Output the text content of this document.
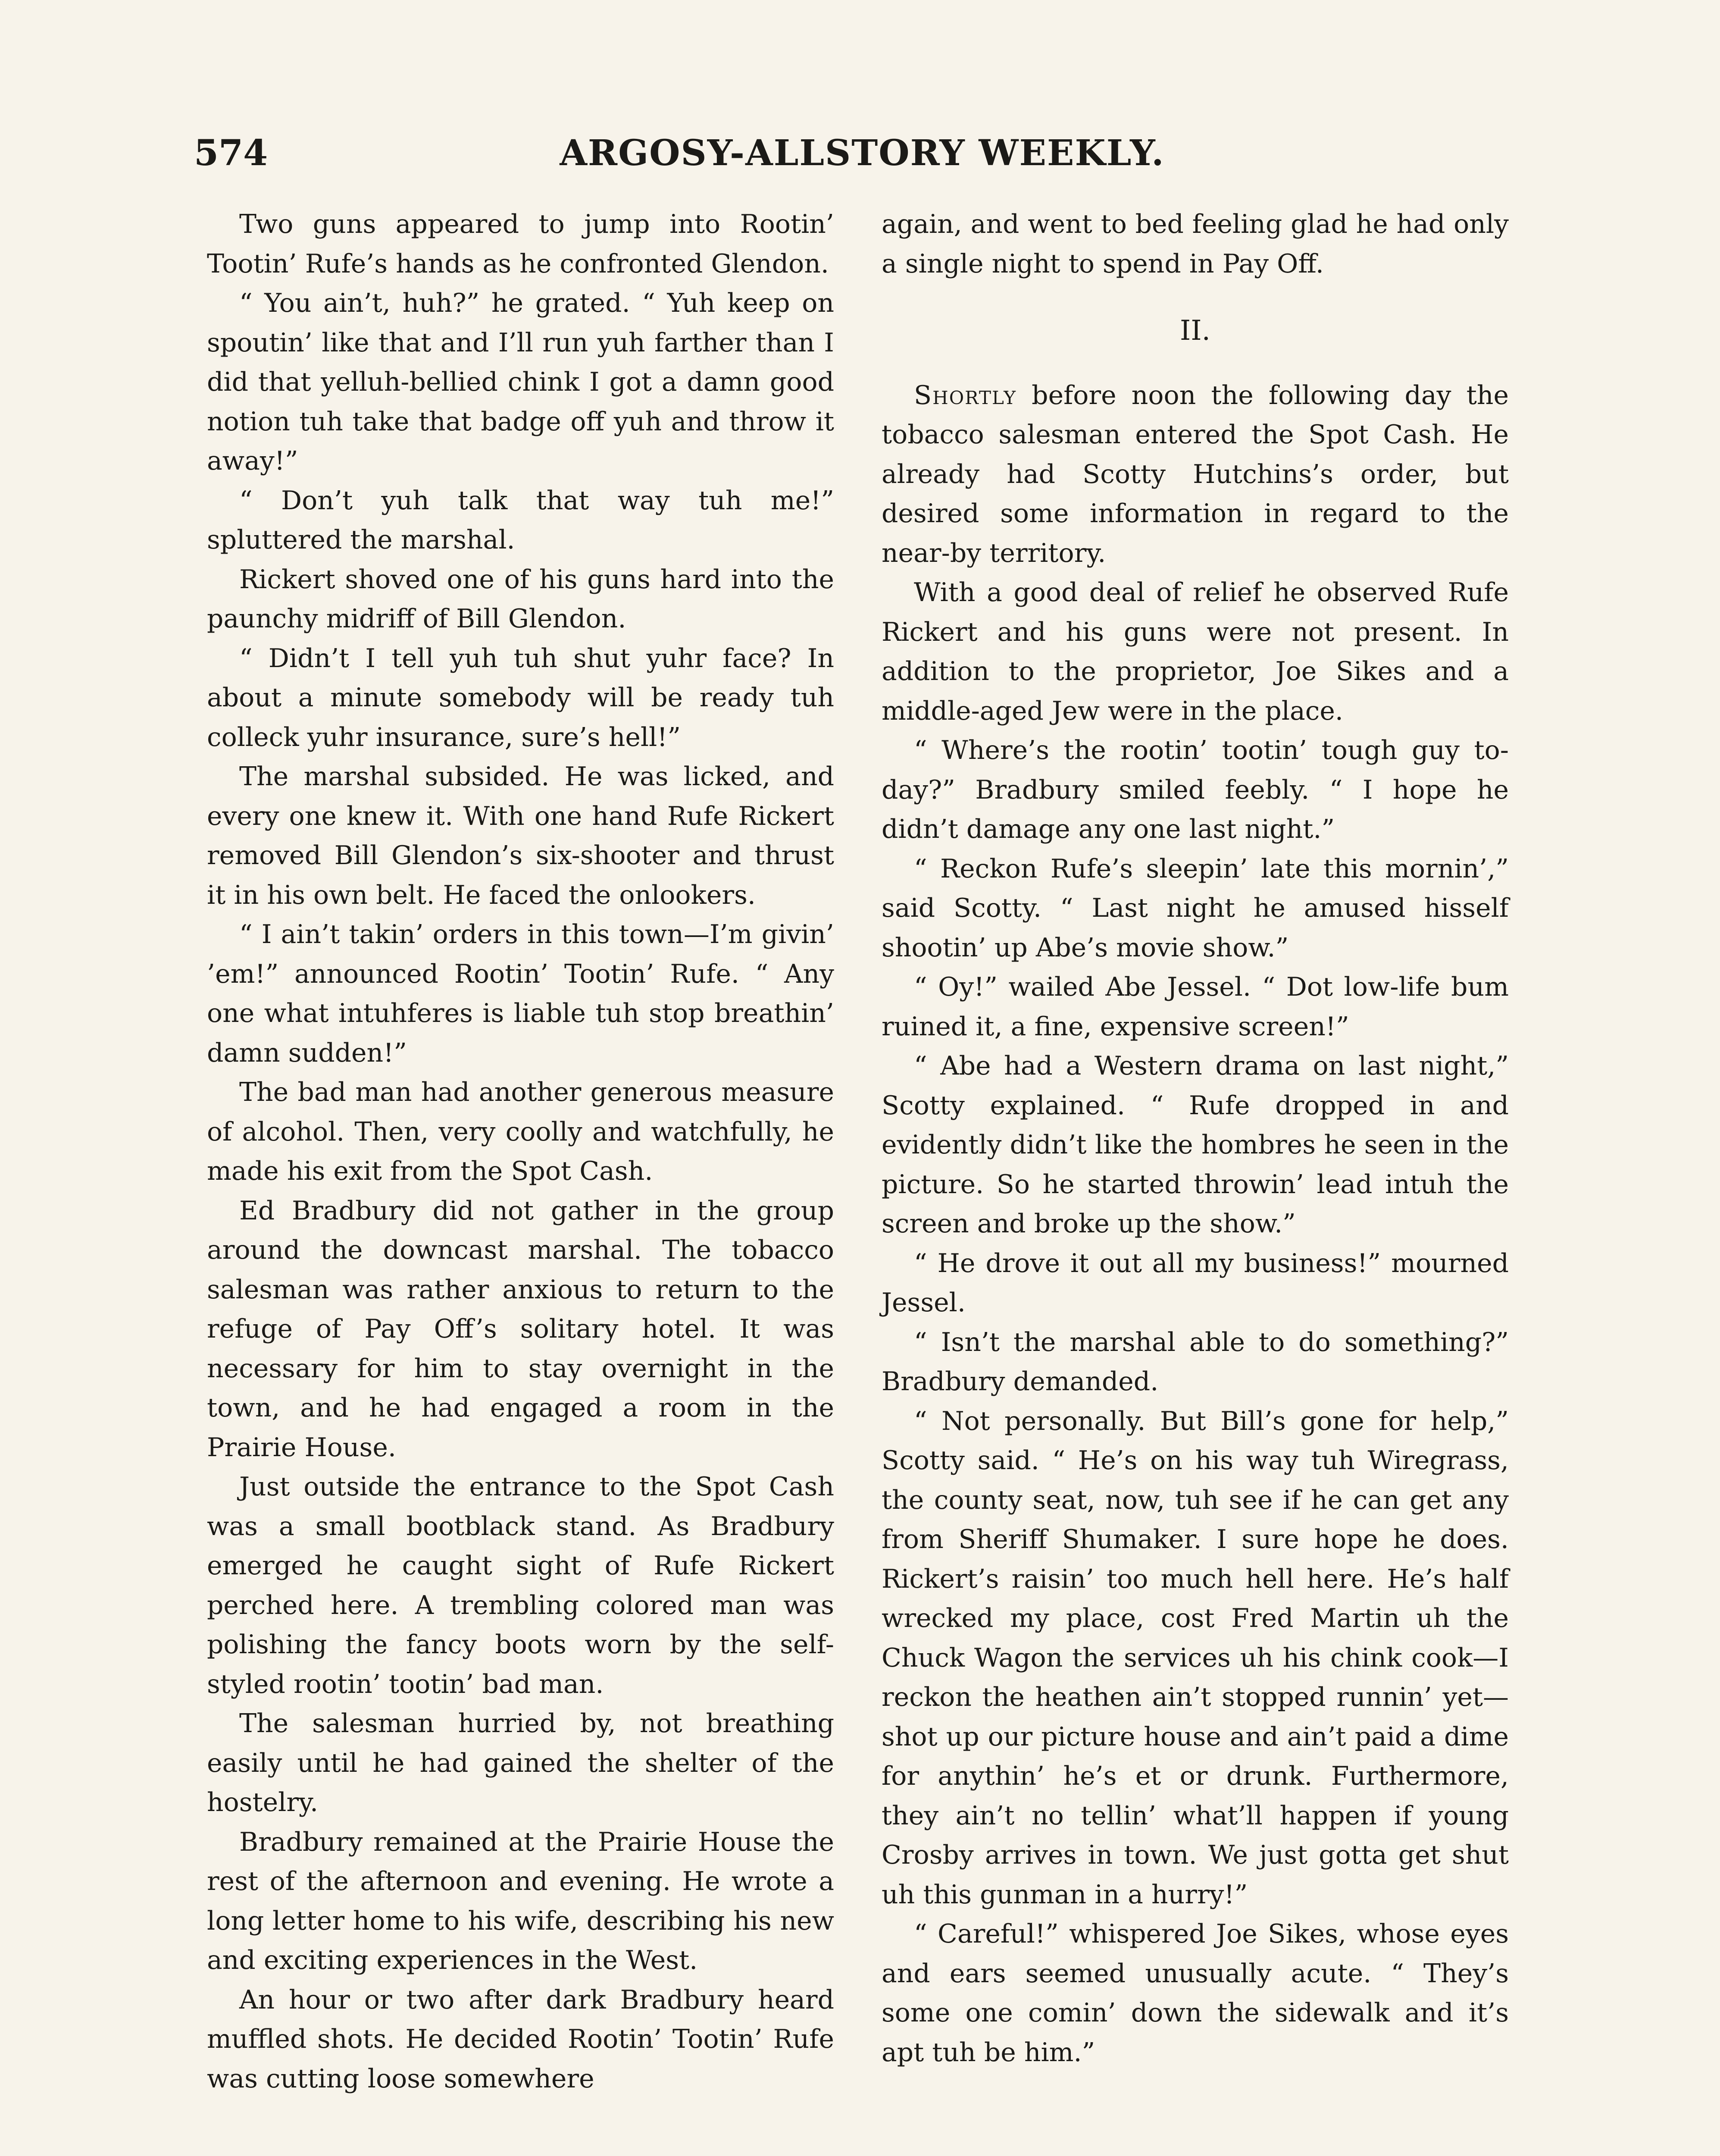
574	ARGOSY-ALLSTORY WEEKLY.

Two guns appeared to jump into Rootin’ Tootin’ Rufe’s hands as he confronted Glendon.

“ You ain’t, huh?” he grated. “ Yuh keep on spoutin’ like that and I’ll run yuh farther than I did that yelluh-bellied chink I got a damn good notion tuh take that badge off yuh and throw it away!”

“ Don’t yuh talk that way tuh me!” spluttered the marshal.

Rickert shoved one of his guns hard into the paunchy midriff of Bill Glendon.

“ Didn’t I tell yuh tuh shut yuhr face? In about a minute somebody will be ready tuh colleck yuhr insurance, sure’s hell!”

The marshal subsided. He was licked, and every one knew it. With one hand Rufe Rickert removed Bill Glendon’s six-shooter and thrust it in his own belt. He faced the onlookers.

“ I ain’t takin’ orders in this town—I’m givin’ ’em!” announced Rootin’ Tootin’ Rufe. “ Any one what intuhferes is liable tuh stop breathin’ damn sudden!”

The bad man had another generous measure of alcohol. Then, very coolly and watchfully, he made his exit from the Spot Cash.

Ed Bradbury did not gather in the group around the downcast marshal. The tobacco salesman was rather anxious to return to the refuge of Pay Off’s solitary hotel. It was necessary for him to stay overnight in the town, and he had engaged a room in the Prairie House.

Just outside the entrance to the Spot Cash was a small bootblack stand. As Bradbury emerged he caught sight of Rufe Rickert perched here. A trembling colored man was polishing the fancy boots worn by the self-styled rootin’ tootin’ bad man.

The salesman hurried by, not breathing easily until he had gained the shelter of the hostelry.

Bradbury remained at the Prairie House the rest of the afternoon and evening. He wrote a long letter home to his wife, describing his new and exciting experiences in the West.

An hour or two after dark Bradbury heard muffled shots. He decided Rootin’ Tootin’ Rufe was cutting loose somewhere

again, and went to bed feeling glad he had only a single night to spend in Pay Off.

II.

Shortly before noon the following day the tobacco salesman entered the Spot Cash. He already had Scotty Hutchins’s order, but desired some information in regard to the near-by territory.

With a good deal of relief he observed Rufe Rickert and his guns were not present. In addition to the proprietor, Joe Sikes and a middle-aged Jew were in the place.

“ Where’s the rootin’ tootin’ tough guy to-day?” Bradbury smiled feebly. “ I hope he didn’t damage any one last night.”

“ Reckon Rufe’s sleepin’ late this mornin’,” said Scotty. “ Last night he amused hisself shootin’ up Abe’s movie show.”

“ Oy!” wailed Abe Jessel. “ Dot low-life bum ruined it, a fine, expensive screen!”

“ Abe had a Western drama on last night,” Scotty explained. “ Rufe dropped in and evidently didn’t like the hombres he seen in the picture. So he started throwin’ lead intuh the screen and broke up the show.”

“ He drove it out all my business!” mourned Jessel.

“ Isn’t the marshal able to do something?” Bradbury demanded.

“ Not personally. But Bill’s gone for help,” Scotty said. “ He’s on his way tuh Wiregrass, the county seat, now, tuh see if he can get any from Sheriff Shumaker. I sure hope he does. Rickert’s raisin’ too much hell here. He’s half wrecked my place, cost Fred Martin uh the Chuck Wagon the services uh his chink cook—I reckon the heathen ain’t stopped runnin’ yet—shot up our picture house and ain’t paid a dime for anythin’ he’s et or drunk. Furthermore, they ain’t no tellin’ what’ll happen if young Crosby arrives in town. We just gotta get shut uh this gunman in a hurry!”

“ Careful!” whispered Joe Sikes, whose eyes and ears seemed unusually acute. “ They’s some one comin’ down the sidewalk and it’s apt tuh be him.”
